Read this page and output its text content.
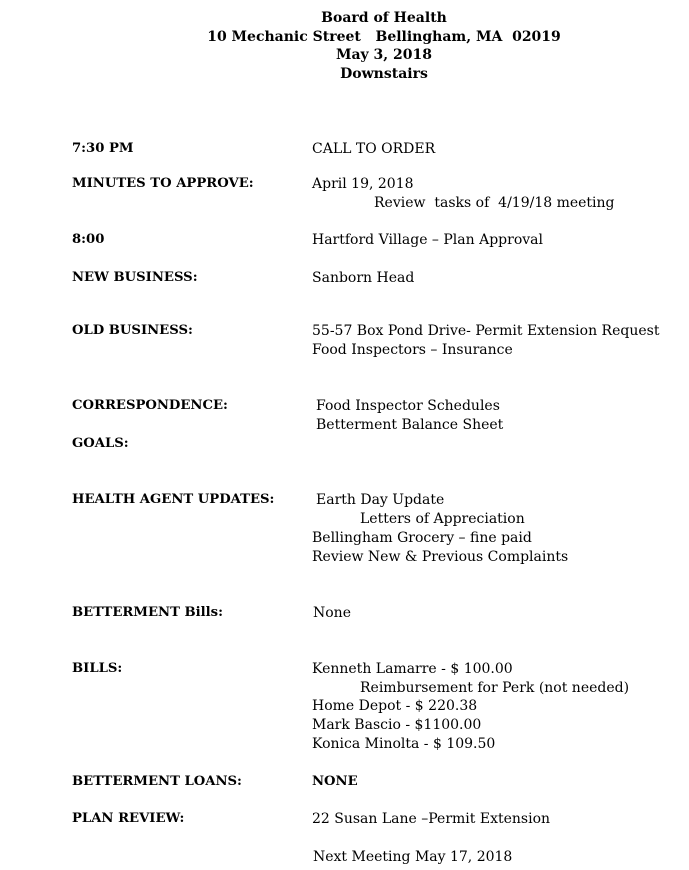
Board of Health
10 Mechanic Street   Bellingham, MA  02019
May 3, 2018
Downstairs
7:30 PM	CALL TO ORDER
MINUTES TO APPROVE:	April 19, 2018
Review  tasks of  4/19/18 meeting
8:00	Hartford Village – Plan Approval
NEW BUSINESS:	Sanborn Head
OLD BUSINESS:	55-57 Box Pond Drive- Permit Extension Request
Food Inspectors – Insurance
CORRESPONDENCE:	Food Inspector Schedules
Betterment Balance Sheet
GOALS:
HEALTH AGENT UPDATES:	Earth Day Update
Letters of Appreciation
Bellingham Grocery – fine paid
Review New & Previous Complaints
BETTERMENT Bills:	None
BILLS:	Kenneth Lamarre - $ 100.00
Reimbursement for Perk (not needed)
Home Depot - $ 220.38
Mark Bascio - $1100.00
Konica Minolta - $ 109.50
BETTERMENT LOANS:	NONE
PLAN REVIEW:	22 Susan Lane –Permit Extension
Next Meeting May 17, 2018
